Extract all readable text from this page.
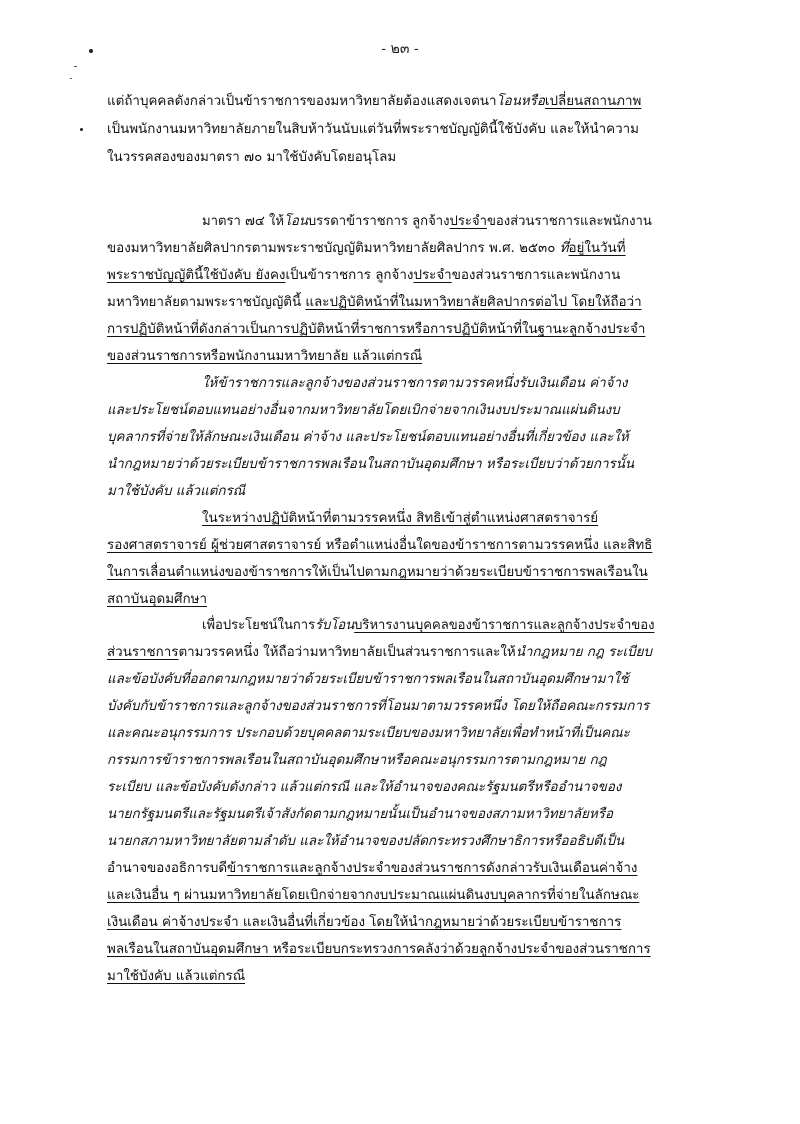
- ๒๓ -
แต่ถ้าบุคคลดังกล่าวเป็นข้าราชการของมหาวิทยาลัยต้องแสดงเจตนาโอนหรือเปลี่ยนสถานภาพ
เป็นพนักงานมหาวิทยาลัยภายในสิบห้าวันนับแต่วันที่พระราชบัญญัตินี้ใช้บังคับ และให้นำความ
ในวรรคสองของมาตรา ๗๐ มาใช้บังคับโดยอนุโลม
มาตรา ๗๔ ให้โอนบรรดาข้าราชการ ลูกจ้างประจำของส่วนราชการและพนักงาน
ของมหาวิทยาลัยศิลปากรตามพระราชบัญญัติมหาวิทยาลัยศิลปากร พ.ศ. ๒๕๓๐ ที่อยู่ในวันที่
พระราชบัญญัตินี้ใช้บังคับ ยังคงเป็นข้าราชการ ลูกจ้างประจำของส่วนราชการและพนักงาน
มหาวิทยาลัยตามพระราชบัญญัตินี้ และปฏิบัติหน้าที่ในมหาวิทยาลัยศิลปากรต่อไป โดยให้ถือว่า
การปฏิบัติหน้าที่ดังกล่าวเป็นการปฏิบัติหน้าที่ราชการหรือการปฏิบัติหน้าที่ในฐานะลูกจ้างประจำ
ของส่วนราชการหรือพนักงานมหาวิทยาลัย แล้วแต่กรณี
ให้ข้าราชการและลูกจ้างของส่วนราชการตามวรรคหนึ่งรับเงินเดือน ค่าจ้าง
และประโยชน์ตอบแทนอย่างอื่นจากมหาวิทยาลัยโดยเบิกจ่ายจากเงินงบประมาณแผ่นดินงบ
บุคลากรที่จ่ายให้ลักษณะเงินเดือน ค่าจ้าง และประโยชน์ตอบแทนอย่างอื่นที่เกี่ยวข้อง และให้
นำกฎหมายว่าด้วยระเบียบข้าราชการพลเรือนในสถาบันอุดมศึกษา หรือระเบียบว่าด้วยการนั้น
มาใช้บังคับ แล้วแต่กรณี
ในระหว่างปฏิบัติหน้าที่ตามวรรคหนึ่ง สิทธิเข้าสู่ตำแหน่งศาสตราจารย์
รองศาสตราจารย์ ผู้ช่วยศาสตราจารย์ หรือตำแหน่งอื่นใดของข้าราชการตามวรรคหนึ่ง และสิทธิ
ในการเลื่อนตำแหน่งของข้าราชการให้เป็นไปตามกฎหมายว่าด้วยระเบียบข้าราชการพลเรือนใน
สถาบันอุดมศึกษา
เพื่อประโยชน์ในการรับโอนบริหารงานบุคคลของข้าราชการและลูกจ้างประจำของ
ส่วนราชการตามวรรคหนึ่ง ให้ถือว่ามหาวิทยาลัยเป็นส่วนราชการและให้นำกฎหมาย กฎ ระเบียบ
และข้อบังคับที่ออกตามกฎหมายว่าด้วยระเบียบข้าราชการพลเรือนในสถาบันอุดมศึกษามาใช้
บังคับกับข้าราชการและลูกจ้างของส่วนราชการที่โอนมาตามวรรคหนึ่ง โดยให้ถือคณะกรรมการ
และคณะอนุกรรมการ ประกอบด้วยบุคคลตามระเบียบของมหาวิทยาลัยเพื่อทำหน้าที่เป็นคณะ
กรรมการข้าราชการพลเรือนในสถาบันอุดมศึกษาหรือคณะอนุกรรมการตามกฎหมาย กฎ
ระเบียบ และข้อบังคับดังกล่าว แล้วแต่กรณี และให้อำนาจของคณะรัฐมนตรีหรืออำนาจของ
นายกรัฐมนตรีและรัฐมนตรีเจ้าสังกัดตามกฎหมายนั้นเป็นอำนาจของสภามหาวิทยาลัยหรือ
นายกสภามหาวิทยาลัยตามลำดับ และให้อำนาจของปลัดกระทรวงศึกษาธิการหรืออธิบดีเป็น
อำนาจของอธิการบดีข้าราชการและลูกจ้างประจำของส่วนราชการดังกล่าวรับเงินเดือนค่าจ้าง
และเงินอื่น ๆ ผ่านมหาวิทยาลัยโดยเบิกจ่ายจากงบประมาณแผ่นดินงบบุคลากรที่จ่ายในลักษณะ
เงินเดือน ค่าจ้างประจำ และเงินอื่นที่เกี่ยวข้อง โดยให้นำกฎหมายว่าด้วยระเบียบข้าราชการ
พลเรือนในสถาบันอุดมศึกษา หรือระเบียบกระทรวงการคลังว่าด้วยลูกจ้างประจำของส่วนราชการ
มาใช้บังคับ แล้วแต่กรณี
